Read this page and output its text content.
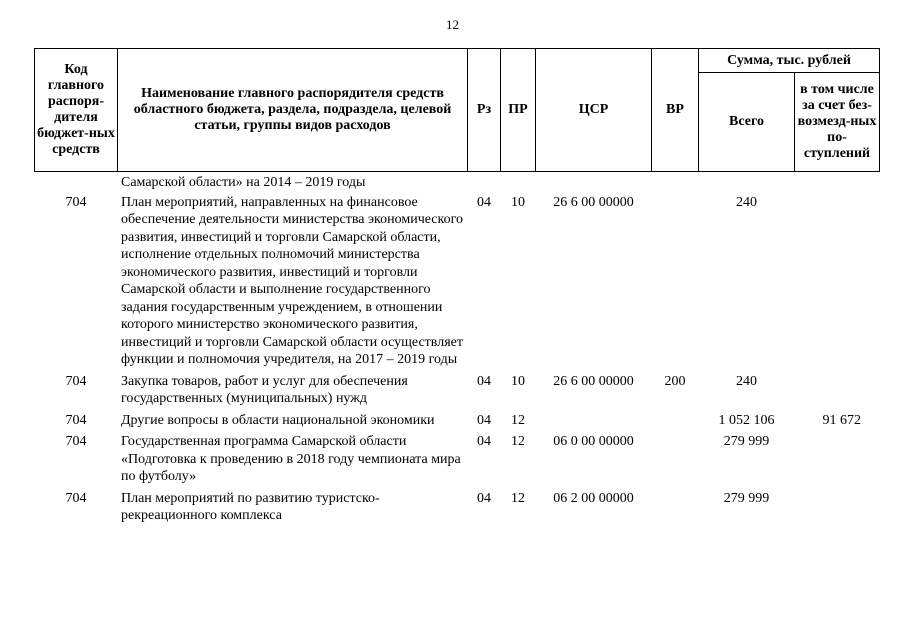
12
Код главного распоря-дителя бюджет-ных средств	Наименование главного распорядителя средств областного бюджета, раздела, подраздела, целевой статьи, группы видов расходов	Рз	ПР	ЦСР	ВР	Сумма, тыс. рублей	
						Всего	в том числе за счет без-возмезд-ных по-ступлений

	Самарской области» на 2014 – 2019 годы						
704	План мероприятий, направленных на финансовое обеспечение деятельности министерства экономического развития, инвестиций и торговли Самарской области, исполнение отдельных полномочий министерства экономического развития, инвестиций и торговли Самарской области и выполнение государственного задания государственным учреждением, в отношении которого министерство экономического развития, инвестиций и торговли Самарской области осуществляет функции и полномочия учредителя, на 2017 – 2019 годы	04	10	26 6 00 00000		240	
704	Закупка товаров, работ и услуг для обеспечения государственных (муниципальных) нужд	04	10	26 6 00 00000	200	240	
704	Другие вопросы в области национальной экономики	04	12			1 052 106	91 672
704	Государственная программа Самарской области «Подготовка к проведению в 2018 году чемпионата мира по футболу»	04	12	06 0 00 00000		279 999	
704	План мероприятий по развитию туристско-рекреационного комплекса	04	12	06 2 00 00000		279 999	
